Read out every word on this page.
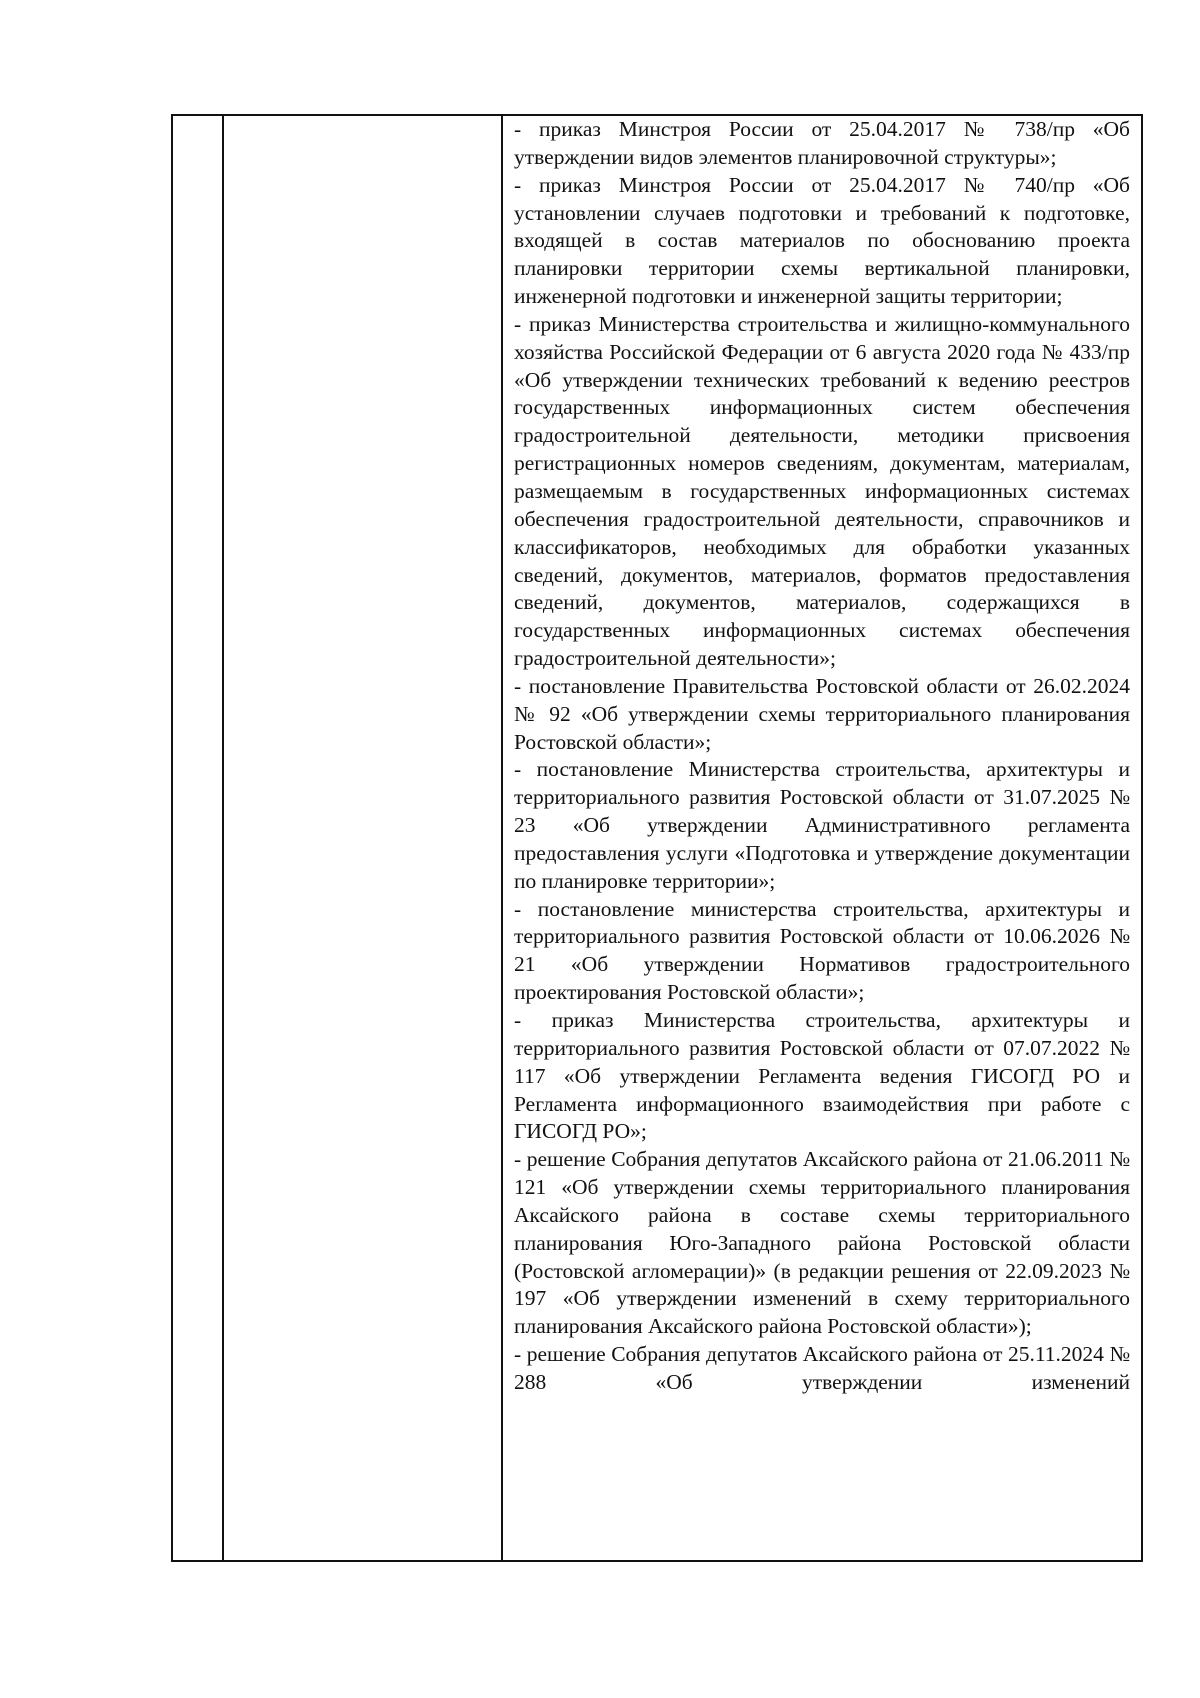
- приказ Минстроя России от 25.04.2017 № 738/пр «Об утверждении видов элементов планировочной структуры»;

- приказ Минстроя России от 25.04.2017 № 740/пр «Об установлении случаев подготовки и требований к подготовке, входящей в состав материалов по обоснованию проекта планировки территории схемы вертикальной планировки, инженерной подготовки и инженерной защиты территории;

- приказ Министерства строительства и жилищно-коммунального хозяйства Российской Федерации от 6 августа 2020 года № 433/пр «Об утверждении технических требований к ведению реестров государственных информационных систем обеспечения градостроительной деятельности, методики присвоения регистрационных номеров сведениям, документам, материалам, размещаемым в государственных информационных системах обеспечения градостроительной деятельности, справочников и классификаторов, необходимых для обработки указанных сведений, документов, материалов, форматов предоставления сведений, документов, материалов, содержащихся в государственных информационных системах обеспечения градостроительной деятельности»;

- постановление Правительства Ростовской области от 26.02.2024 № 92 «Об утверждении схемы территориального планирования Ростовской области»;

- постановление Министерства строительства, архитектуры и территориального развития Ростовской области от 31.07.2025 № 23 «Об утверждении Административного регламента предоставления услуги «Подготовка и утверждение документации по планировке территории»;

- постановление министерства строительства, архитектуры и территориального развития Ростовской области от 10.06.2026 № 21 «Об утверждении Нормативов градостроительного проектирования Ростовской области»;

- приказ Министерства строительства, архитектуры и территориального развития Ростовской области от 07.07.2022 № 117 «Об утверждении Регламента ведения ГИСОГД РО и Регламента информационного взаимодействия при работе с ГИСОГД РО»;

- решение Собрания депутатов Аксайского района от 21.06.2011 № 121 «Об утверждении схемы территориального планирования Аксайского района в составе схемы территориального планирования Юго-Западного района Ростовской области (Ростовской агломерации)» (в редакции решения от 22.09.2023 № 197 «Об утверждении изменений в схему территориального планирования Аксайского района Ростовской области»);

- решение Собрания депутатов Аксайского района от 25.11.2024 № 288 «Об утверждении изменений
